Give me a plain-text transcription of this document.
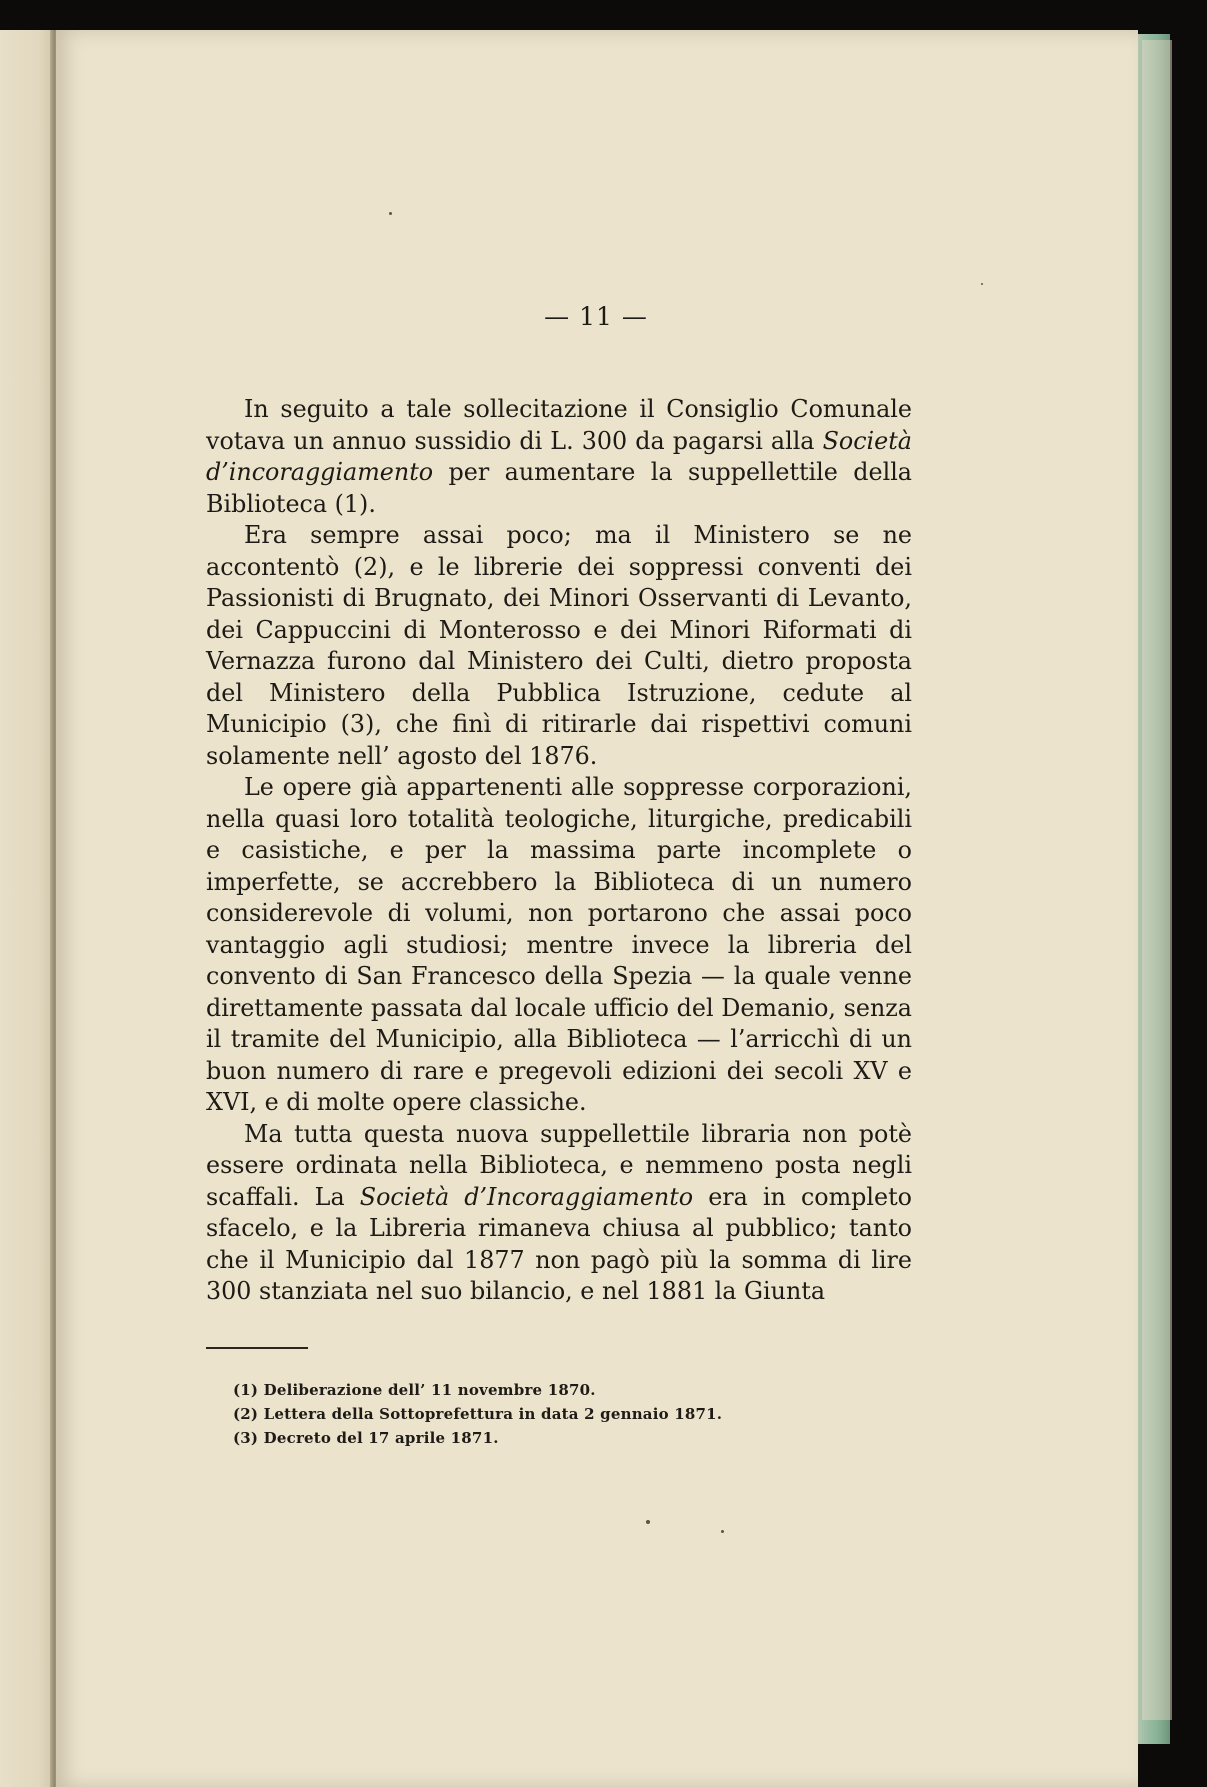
— 11 —

In seguito a tale sollecitazione il Consiglio Comunale votava un annuo sussidio di L. 300 da pagarsi alla Società d’incoraggiamento per aumentare la suppellettile della Biblioteca (1).

Era sempre assai poco; ma il Ministero se ne accontentò (2), e le librerie dei soppressi conventi dei Passionisti di Brugnato, dei Minori Osservanti di Levanto, dei Cappuccini di Monterosso e dei Minori Riformati di Vernazza furono dal Ministero dei Culti, dietro proposta del Ministero della Pubblica Istruzione, cedute al Municipio (3), che finì di ritirarle dai rispettivi comuni solamente nell’ agosto del 1876.

Le opere già appartenenti alle soppresse corporazioni, nella quasi loro totalità teologiche, liturgiche, predicabili e casistiche, e per la massima parte incomplete o imperfette, se accrebbero la Biblioteca di un numero considerevole di volumi, non portarono che assai poco vantaggio agli studiosi; mentre invece la libreria del convento di San Francesco della Spezia — la quale venne direttamente passata dal locale ufficio del Demanio, senza il tramite del Municipio, alla Biblioteca — l’arricchì di un buon numero di rare e pregevoli edizioni dei secoli XV e XVI, e di molte opere classiche.

Ma tutta questa nuova suppellettile libraria non potè essere ordinata nella Biblioteca, e nemmeno posta negli scaffali. La Società d’Incoraggiamento era in completo sfacelo, e la Libreria rimaneva chiusa al pubblico; tanto che il Municipio dal 1877 non pagò più la somma di lire 300 stanziata nel suo bilancio, e nel 1881 la Giunta

(1) Deliberazione dell’ 11 novembre 1870.
(2) Lettera della Sottoprefettura in data 2 gennaio 1871.
(3) Decreto del 17 aprile 1871.
